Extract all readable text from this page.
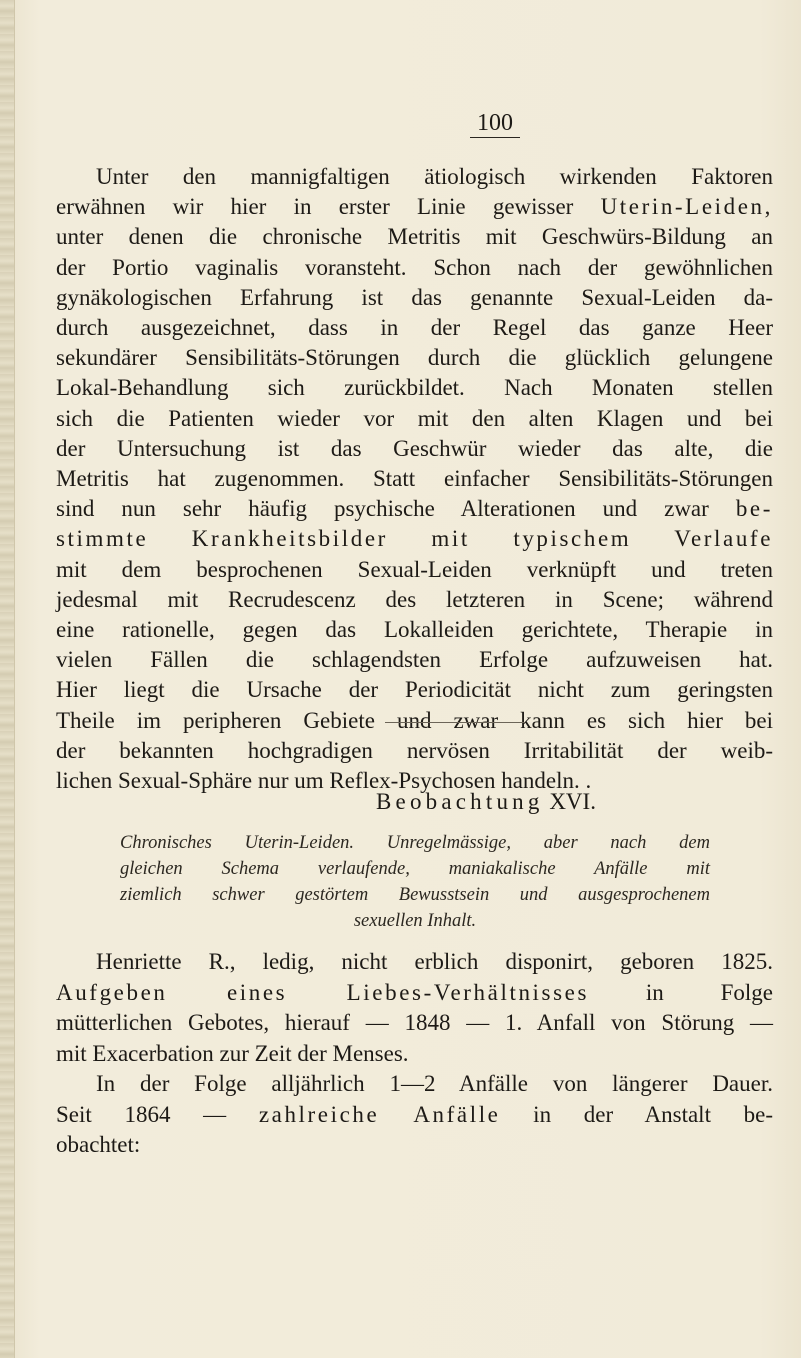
100
Unter den mannigfaltigen ätiologisch wirkenden Faktoren
erwähnen wir hier in erster Linie gewisser Uterin-Leiden,
unter denen die chronische Metritis mit Geschwürs-Bildung an
der Portio vaginalis voransteht. Schon nach der gewöhnlichen
gynäkologischen Erfahrung ist das genannte Sexual-Leiden da-
durch ausgezeichnet, dass in der Regel das ganze Heer
sekundärer Sensibilitäts-Störungen durch die glücklich gelungene
Lokal-Behandlung sich zurückbildet. Nach Monaten stellen
sich die Patienten wieder vor mit den alten Klagen und bei
der Untersuchung ist das Geschwür wieder das alte, die
Metritis hat zugenommen. Statt einfacher Sensibilitäts-Störungen
sind nun sehr häufig psychische Alterationen und zwar be-
stimmte Krankheitsbilder mit typischem Verlaufe
mit dem besprochenen Sexual-Leiden verknüpft und treten
jedesmal mit Recrudescenz des letzteren in Scene; während
eine rationelle, gegen das Lokalleiden gerichtete, Therapie in
vielen Fällen die schlagendsten Erfolge aufzuweisen hat.
Hier liegt die Ursache der Periodicität nicht zum geringsten
Theile im peripheren Gebiete und zwar kann es sich hier bei
der bekannten hochgradigen nervösen Irritabilität der weib-
lichen Sexual-Sphäre nur um Reflex-Psychosen handeln. .
Beobachtung XVI.
Chronisches Uterin-Leiden. Unregelmässige, aber nach dem
gleichen Schema verlaufende, maniakalische Anfälle mit
ziemlich schwer gestörtem Bewusstsein und ausgesprochenem
sexuellen Inhalt.
Henriette R., ledig, nicht erblich disponirt, geboren 1825.
Aufgeben eines Liebes-Verhältnisses in Folge
mütterlichen Gebotes, hierauf — 1848 — 1. Anfall von Störung —
mit Exacerbation zur Zeit der Menses.
In der Folge alljährlich 1—2 Anfälle von längerer Dauer.
Seit 1864 — zahlreiche Anfälle in der Anstalt be-
obachtet:
